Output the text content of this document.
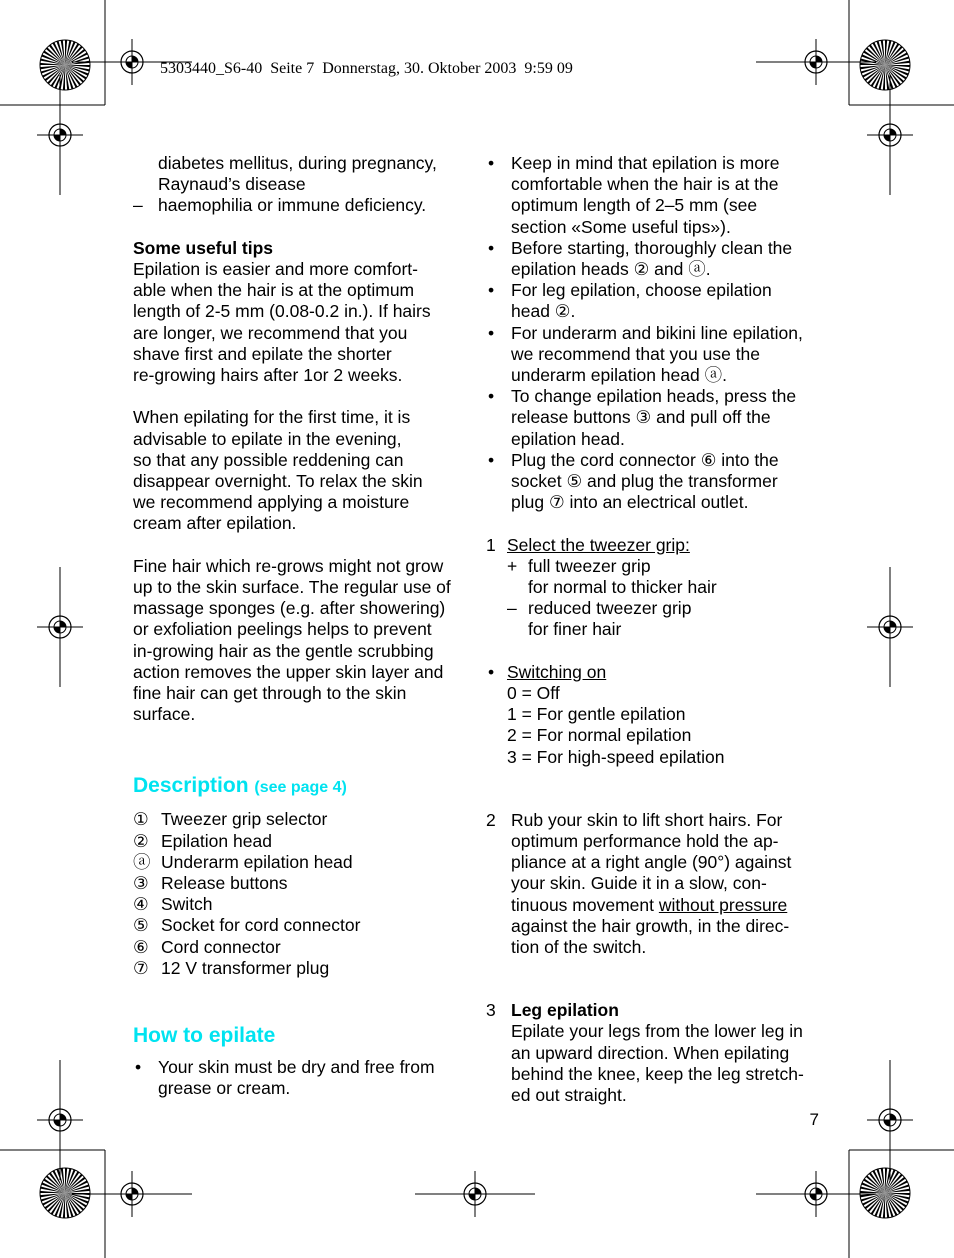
5303440_S6-40  Seite 7  Donnerstag, 30. Oktober 2003  9:59 09

diabetes mellitus, during pregnancy,
Raynaud’s disease

– haemophilia or immune deficiency.

Some useful tips

Epilation is easier and more comfort-
able when the hair is at the optimum
length of 2-5 mm (0.08-0.2 in.). If hairs
are longer, we recommend that you
shave first and epilate the shorter
re-growing hairs after 1or 2 weeks.

When epilating for the first time, it is
advisable to epilate in the evening,
so that any possible reddening can
disappear overnight. To relax the skin
we recommend applying a moisture
cream after epilation.

Fine hair which re-grows might not grow
up to the skin surface. The regular use of
massage sponges (e.g. after showering)
or exfoliation peelings helps to prevent
in-growing hair as the gentle scrubbing
action removes the upper skin layer and
fine hair can get through to the skin
surface.

Description (see page 4)

① Tweezer grip selector

② Epilation head

ⓐ Underarm epilation head

③ Release buttons

④ Switch

⑤ Socket for cord connector

⑥ Cord connector

⑦ 12 V transformer plug

How to epilate

• Your skin must be dry and free from
grease or cream.

• Keep in mind that epilation is more
comfortable when the hair is at the
optimum length of 2–5 mm (see
section «Some useful tips»).

• Before starting, thoroughly clean the
epilation heads ② and ⓐ.

• For leg epilation, choose epilation
head ②.

• For underarm and bikini line epilation,
we recommend that you use the
underarm epilation head ⓐ.

• To change epilation heads, press the
release buttons ③ and pull off the
epilation head.

• Plug the cord connector ⑥ into the
socket ⑤ and plug the transformer
plug ⑦ into an electrical outlet.

1 Select the tweezer grip:

+ full tweezer grip
for normal to thicker hair

– reduced tweezer grip
for finer hair

• Switching on
0 = Off
1 = For gentle epilation
2 = For normal epilation
3 = For high-speed epilation

2 Rub your skin to lift short hairs. For
optimum performance hold the ap-
pliance at a right angle (90°) against
your skin. Guide it in a slow, con-
tinuous movement without pressure
against the hair growth, in the direc-
tion of the switch.

3 Leg epilation
Epilate your legs from the lower leg in
an upward direction. When epilating
behind the knee, keep the leg stretch-
ed out straight.

7
